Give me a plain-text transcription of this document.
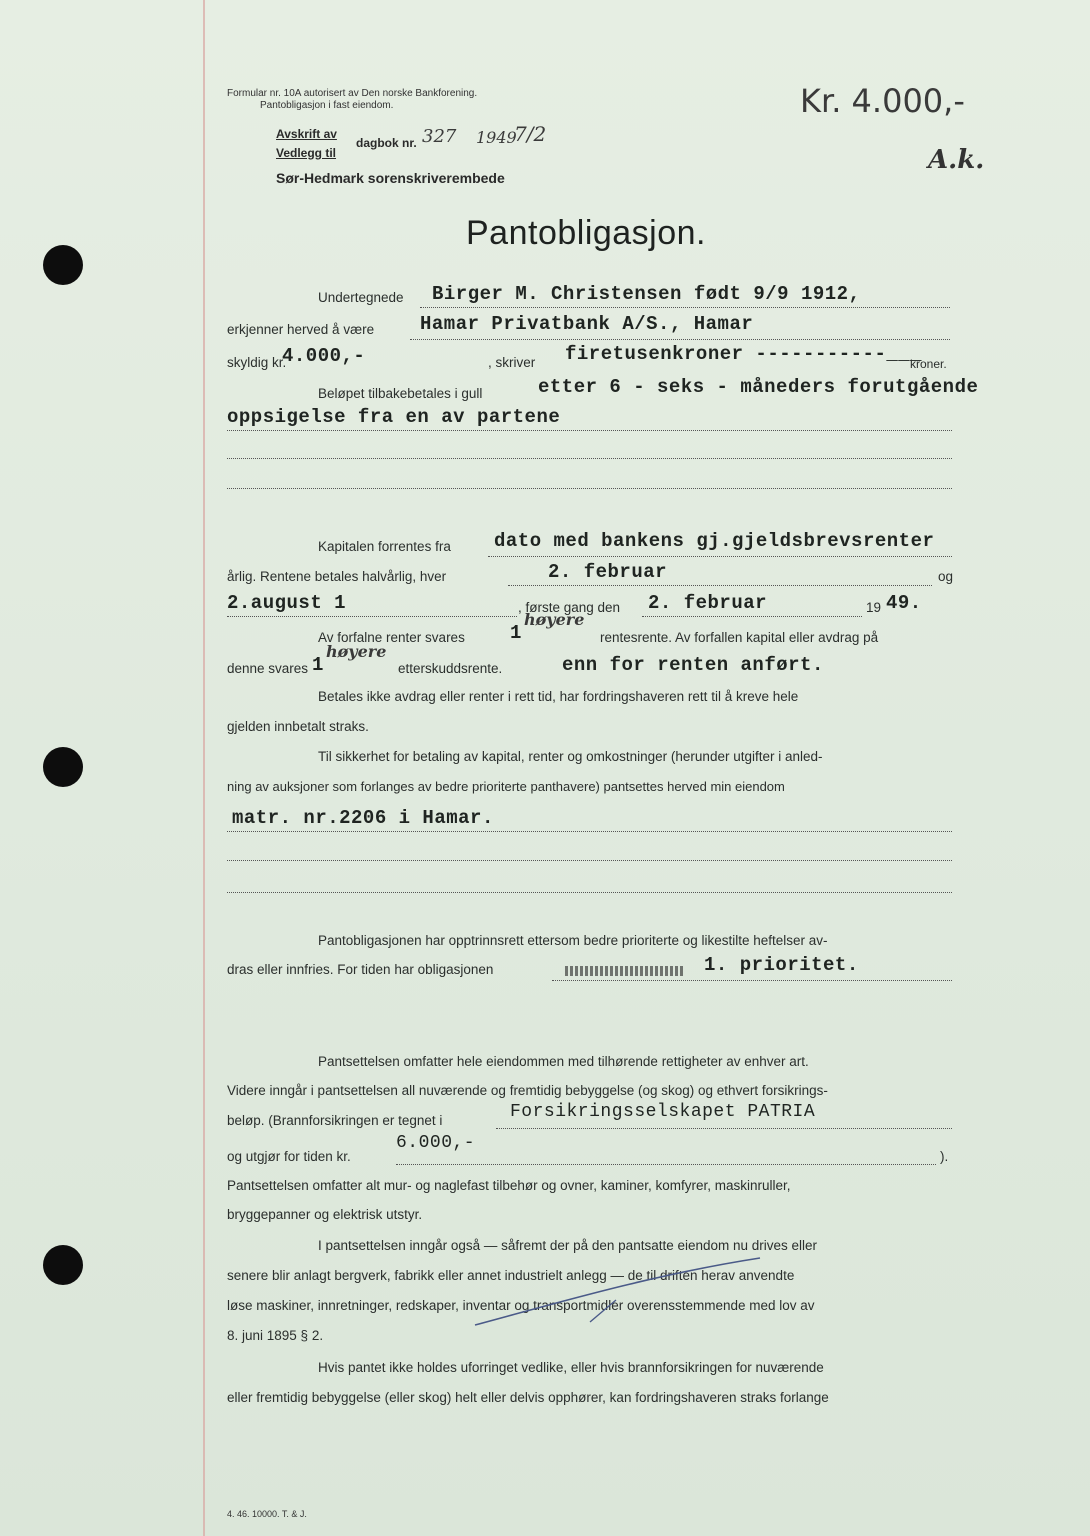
Formular nr. 10A autorisert av Den norske Bankforening.
Pantobligasjon i fast eiendom.	Kr. 4.000,-
Avskrift av
Vedlegg til
dagbok nr. 327 1949
7/2
Sør-Hedmark sorenskriverembede
A.k.
Pantobligasjon.
Undertegnede Birger M. Christensen født 9/9 1912,
erkjenner herved å være Hamar Privatbank A/S., Hamar
skyldig kr.
4.000,-	, skriver firetusenkroner -----------___
kroner.
Beløpet tilbakebetales i gull	etter 6 - seks - måneders forutgående
oppsigelse fra en av partene
Kapitalen forrentes fra dato med bankens gj.gjeldsbrevsrenter
årlig. Rentene betales halvårlig, hver	2. februar	og
2.august 1	, første gang den 2. februar	19 49.
Av forfalne renter svares 1
høyere
rentesrente. Av forfallen kapital eller avdrag på
denne svares 1
høyere
etterskuddsrente.	enn for renten anført.
Betales ikke avdrag eller renter i rett tid, har fordringshaveren rett til å kreve hele
gjelden innbetalt straks.
Til sikkerhet for betaling av kapital, renter og omkostninger (herunder utgifter i anled-
ning av auksjoner som forlanges av bedre prioriterte panthavere) pantsettes herved min eiendom
matr. nr.2206 i Hamar.
Pantobligasjonen har opptrinnsrett ettersom bedre prioriterte og likestilte heftelser av-
dras eller innfries. For tiden har obligasjonen	1. prioritet.
Pantsettelsen omfatter hele eiendommen med tilhørende rettigheter av enhver art.
Videre inngår i pantsettelsen all nuværende og fremtidig bebyggelse (og skog) og ethvert forsikrings-
beløp. (Brannforsikringen er tegnet i	Forsikringsselskapet PATRIA
og utgjør for tiden kr.
6.000,-
).
Pantsettelsen omfatter alt mur- og naglefast tilbehør og ovner, kaminer, komfyrer, maskinruller,
bryggepanner og elektrisk utstyr.
I pantsettelsen inngår også — såfremt der på den pantsatte eiendom nu drives eller
senere blir anlagt bergverk, fabrikk eller annet industrielt anlegg — de til driften herav anvendte
løse maskiner, innretninger, redskaper, inventar og transportmidler overensstemmende med lov av
8. juni 1895 § 2.
Hvis pantet ikke holdes uforringet vedlike, eller hvis brannforsikringen for nuværende
eller fremtidig bebyggelse (eller skog) helt eller delvis opphører, kan fordringshaveren straks forlange
4. 46. 10000. T. & J.
